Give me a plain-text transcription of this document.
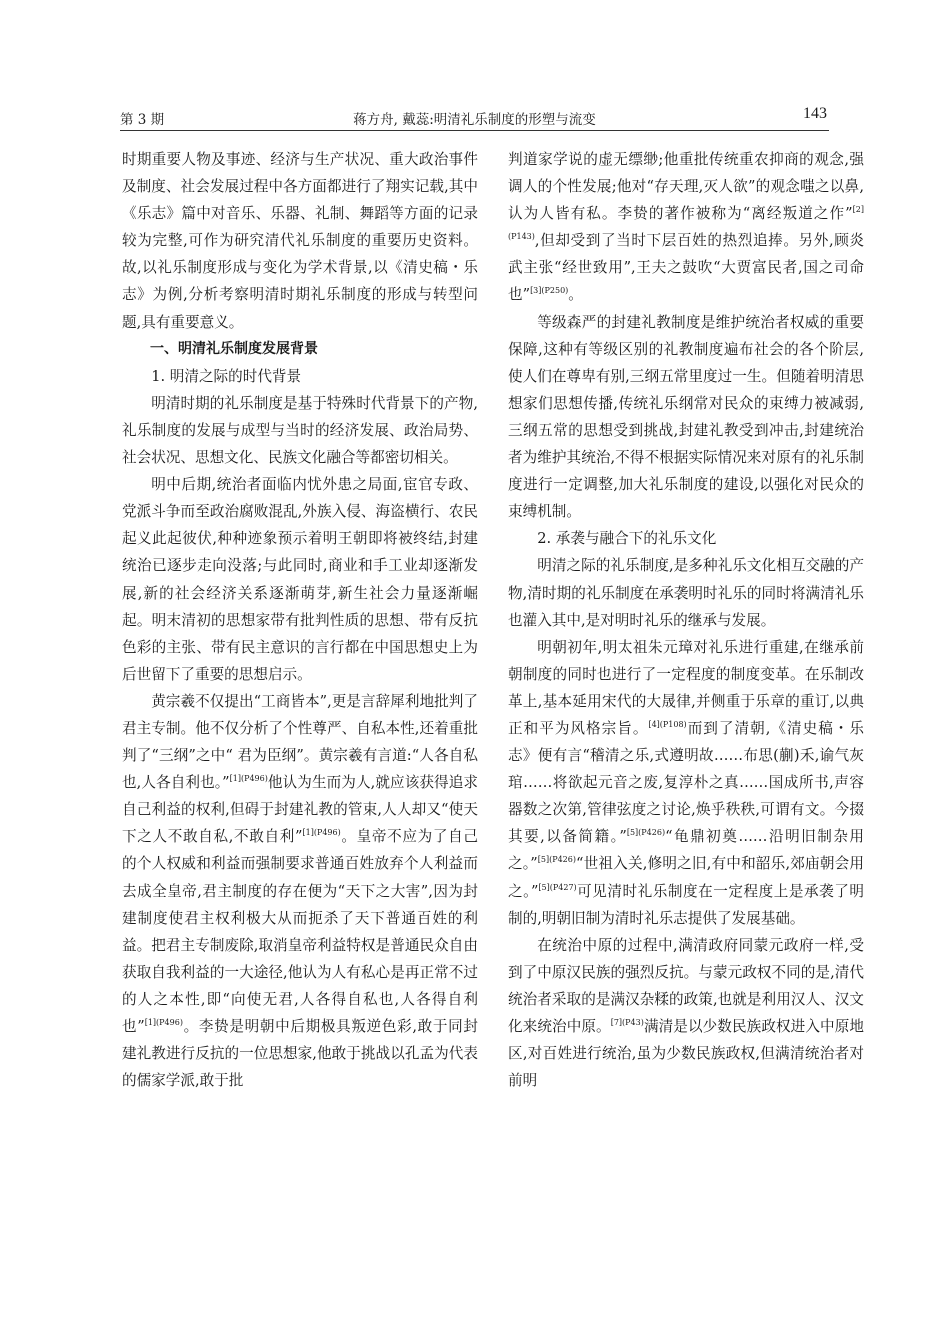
第 3 期	蒋方舟, 戴蕊:明清礼乐制度的形塑与流变	143

时期重要人物及事迹、经济与生产状况、重大政治事件及制度、社会发展过程中各方面都进行了翔实记载,其中《乐志》篇中对音乐、乐器、礼制、舞蹈等方面的记录较为完整,可作为研究清代礼乐制度的重要历史资料。故,以礼乐制度形成与变化为学术背景,以《清史稿・乐志》为例,分析考察明清时期礼乐制度的形成与转型问题,具有重要意义。

一、明清礼乐制度发展背景

1. 明清之际的时代背景

明清时期的礼乐制度是基于特殊时代背景下的产物,礼乐制度的发展与成型与当时的经济发展、政治局势、社会状况、思想文化、民族文化融合等都密切相关。

明中后期,统治者面临内忧外患之局面,宦官专政、党派斗争而至政治腐败混乱,外族入侵、海盗横行、农民起义此起彼伏,种种迹象预示着明王朝即将被终结,封建统治已逐步走向没落;与此同时,商业和手工业却逐渐发展,新的社会经济关系逐渐萌芽,新生社会力量逐渐崛起。明末清初的思想家带有批判性质的思想、带有反抗色彩的主张、带有民主意识的言行都在中国思想史上为后世留下了重要的思想启示。

黄宗羲不仅提出“工商皆本”,更是言辞犀利地批判了君主专制。他不仅分析了个性尊严、自私本性,还着重批判了“三纲”之中“ 君为臣纲”。黄宗羲有言道:“人各自私也,人各自利也。”$^{[1](P496)}$他认为生而为人,就应该获得追求自己利益的权利,但碍于封建礼教的管束,人人却又“使天下之人不敢自私,不敢自利”$^{[1](P496)}$。皇帝不应为了自己的个人权威和利益而强制要求普通百姓放弃个人利益而去成全皇帝,君主制度的存在便为“天下之大害”,因为封建制度使君主权利极大从而扼杀了天下普通百姓的利益。把君主专制废除,取消皇帝利益特权是普通民众自由获取自我利益的一大途径,他认为人有私心是再正常不过的人之本性,即“向使无君,人各得自私也,人各得自利也”$^{[1](P496)}$。李贽是明朝中后期极具叛逆色彩,敢于同封建礼教进行反抗的一位思想家,他敢于挑战以孔孟为代表的儒家学派,敢于批

判道家学说的虚无缥缈;他重批传统重农抑商的观念,强调人的个性发展;他对“存天理,灭人欲”的观念嗤之以鼻,认为人皆有私。李贽的著作被称为“离经叛道之作”$^{[2](P143)}$,但却受到了当时下层百姓的热烈追捧。另外,顾炎武主张“经世致用”,王夫之鼓吹“大贾富民者,国之司命也”$^{[3](P250)}$。

等级森严的封建礼教制度是维护统治者权威的重要保障,这种有等级区别的礼教制度遍布社会的各个阶层,使人们在尊卑有别,三纲五常里度过一生。但随着明清思想家们思想传播,传统礼乐纲常对民众的束缚力被减弱,三纲五常的思想受到挑战,封建礼教受到冲击,封建统治者为维护其统治,不得不根据实际情况来对原有的礼乐制度进行一定调整,加大礼乐制度的建设,以强化对民众的束缚机制。

2. 承袭与融合下的礼乐文化

明清之际的礼乐制度,是多种礼乐文化相互交融的产物,清时期的礼乐制度在承袭明时礼乐的同时将满清礼乐也灌入其中,是对明时礼乐的继承与发展。

明朝初年,明太祖朱元璋对礼乐进行重建,在继承前朝制度的同时也进行了一定程度的制度变革。在乐制改革上,基本延用宋代的大晟律,并侧重于乐章的重订,以典正和平为风格宗旨。$^{[4](P108)}$而到了清朝,《清史稿・乐志》便有言“稽清之乐,式遵明故……布思(蒯)禾,谕气灰琯……将欲起元音之废,复淳朴之真……国成所书,声容器数之次第,管律弦度之讨论,焕乎秩秩,可谓有文。今掇其要,以备简籍。”$^{[5](P426)}$“龟鼎初奠……沿明旧制杂用之。”$^{[5](P426)}$“世祖入关,修明之旧,有中和韶乐,郊庙朝会用之。”$^{[5](P427)}$可见清时礼乐制度在一定程度上是承袭了明制的,明朝旧制为清时礼乐志提供了发展基础。

在统治中原的过程中,满清政府同蒙元政府一样,受到了中原汉民族的强烈反抗。与蒙元政权不同的是,清代统治者采取的是满汉杂糅的政策,也就是利用汉人、汉文化来统治中原。$^{[7](P43)}$满清是以少数民族政权进入中原地区,对百姓进行统治,虽为少数民族政权,但满清统治者对前明
